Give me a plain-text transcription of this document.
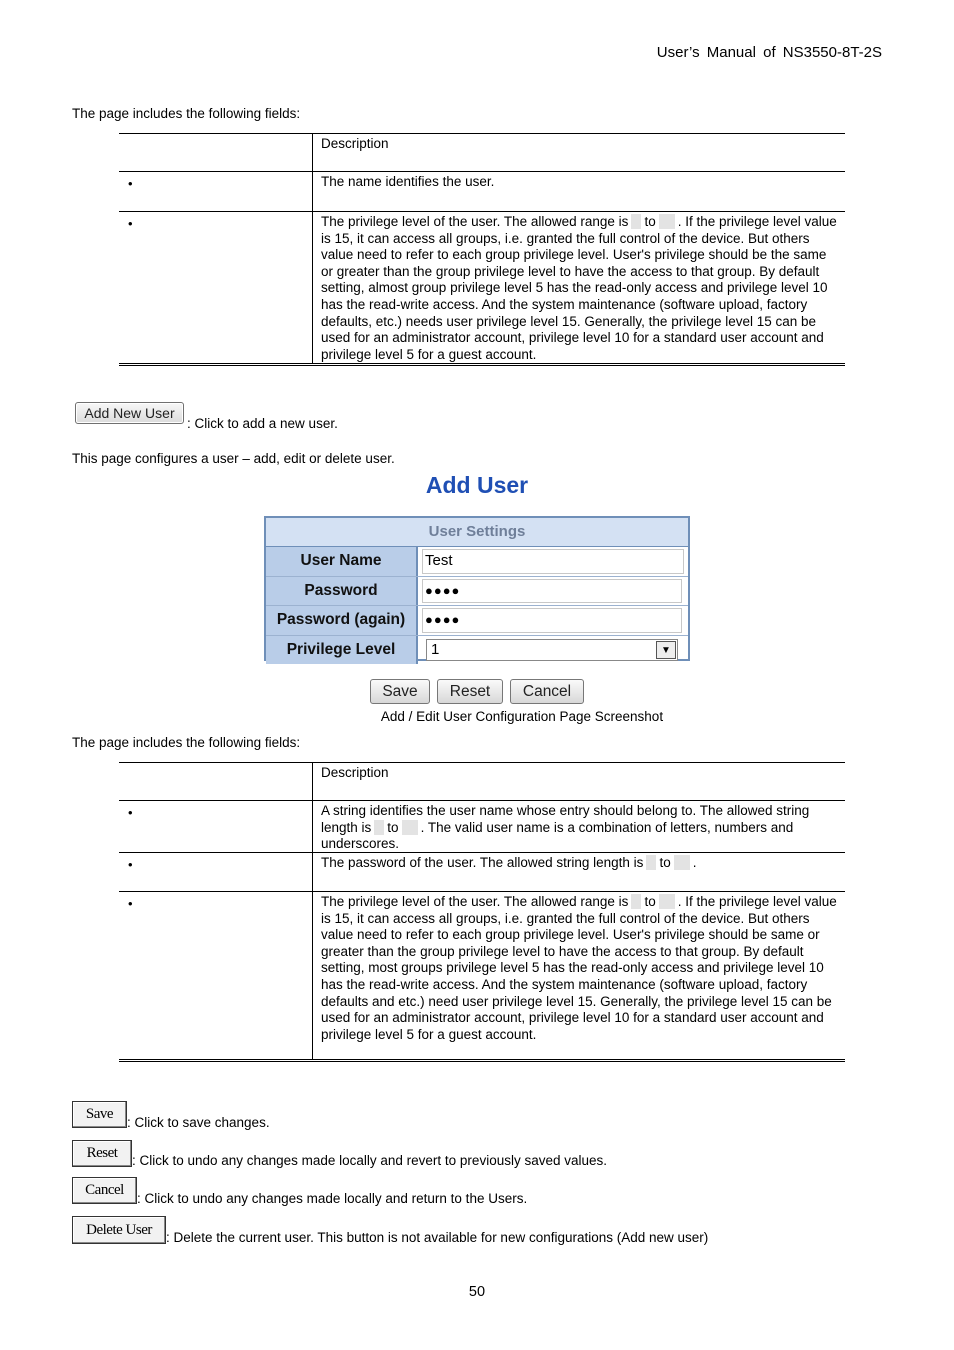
User’s Manual of NS3550-8T-2S
The page includes the following fields:
Description
•	The name identifies the user.
•	The privilege level of the user. The allowed range is to . If the privilege level value is 15, it can access all groups, i.e. granted the full control of the device. But others value need to refer to each group privilege level. User's privilege should be the same or greater than the group privilege level to have the access to that group. By default setting, almost group privilege level 5 has the read-only access and privilege level 10 has the read-write access. And the system maintenance (software upload, factory defaults, etc.) needs user privilege level 15. Generally, the privilege level 15 can be used for an administrator account, privilege level 10 for a standard user account and privilege level 5 for a guest account.
Add New User
: Click to add a new user.
This page configures a user – add, edit or delete user.
Add User
User Settings
User Name	Test
Password	●●●●
Password (again)	●●●●
Privilege Level	1	▼
Save	Reset	Cancel
Add / Edit User Configuration Page Screenshot
The page includes the following fields:
Description
•	A string identifies the user name whose entry should belong to. The allowed string length is to . The valid user name is a combination of letters, numbers and underscores.
•	The password of the user. The allowed string length is to .
•	The privilege level of the user. The allowed range is to . If the privilege level value is 15, it can access all groups, i.e. granted the full control of the device. But others value need to refer to each group privilege level. User's privilege should be same or greater than the group privilege level to have the access to that group. By default setting, most groups privilege level 5 has the read-only access and privilege level 10 has the read-write access. And the system maintenance (software upload, factory defaults and etc.) need user privilege level 15. Generally, the privilege level 15 can be used for an administrator account, privilege level 10 for a standard user account and privilege level 5 for a guest account.
Save
: Click to save changes.
Reset	: Click to undo any changes made locally and revert to previously saved values.
Cancel
: Click to undo any changes made locally and return to the Users.
Delete User	: Delete the current user. This button is not available for new configurations (Add new user)
50
